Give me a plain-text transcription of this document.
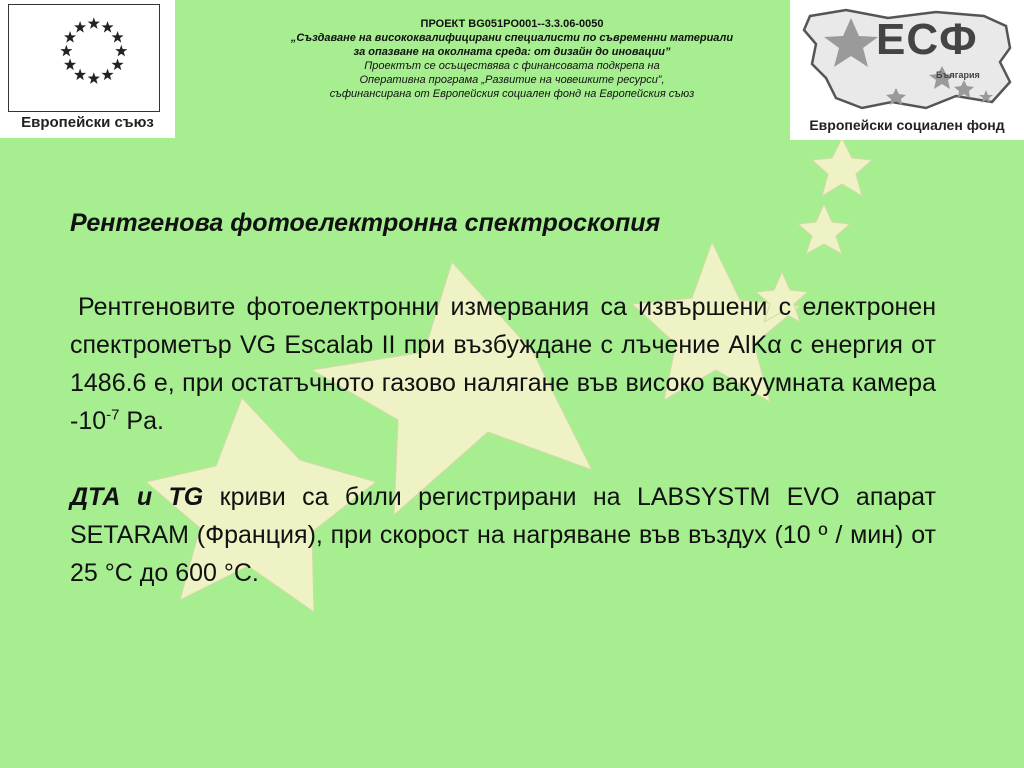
Европейски съюз
ЕСФ
България
Европейски социален фонд
ПРОЕКТ BG051PO001--3.3.06-0050
„Създаване на висококвалифицирани специалисти по съвременни материали
за опазване на околната среда: от дизайн до иновации”
Проектът се осъществява с финансовата подкрепа на
Оперативна програма „Развитие на човешките ресурси”,
съфинансирана от Европейския социален фонд на Европейския съюз
Рентгенова фотоелектронна спектроскопия

Рентгеновите фотоелектронни измервания са извършени с електронен спектрометър VG Escalab II при възбуждане с лъчение AlKα с енергия от 1486.6 e, при остатъчното газово налягане във високо вакуумната камера $-10^{-7}$ Pa.

ДТА и TG криви са били регистрирани на LABSYSTM EVO апарат SETARAM (Франция), при скорост на нагряване във въздух (10 º / мин) от 25 °С до 600 °С.
